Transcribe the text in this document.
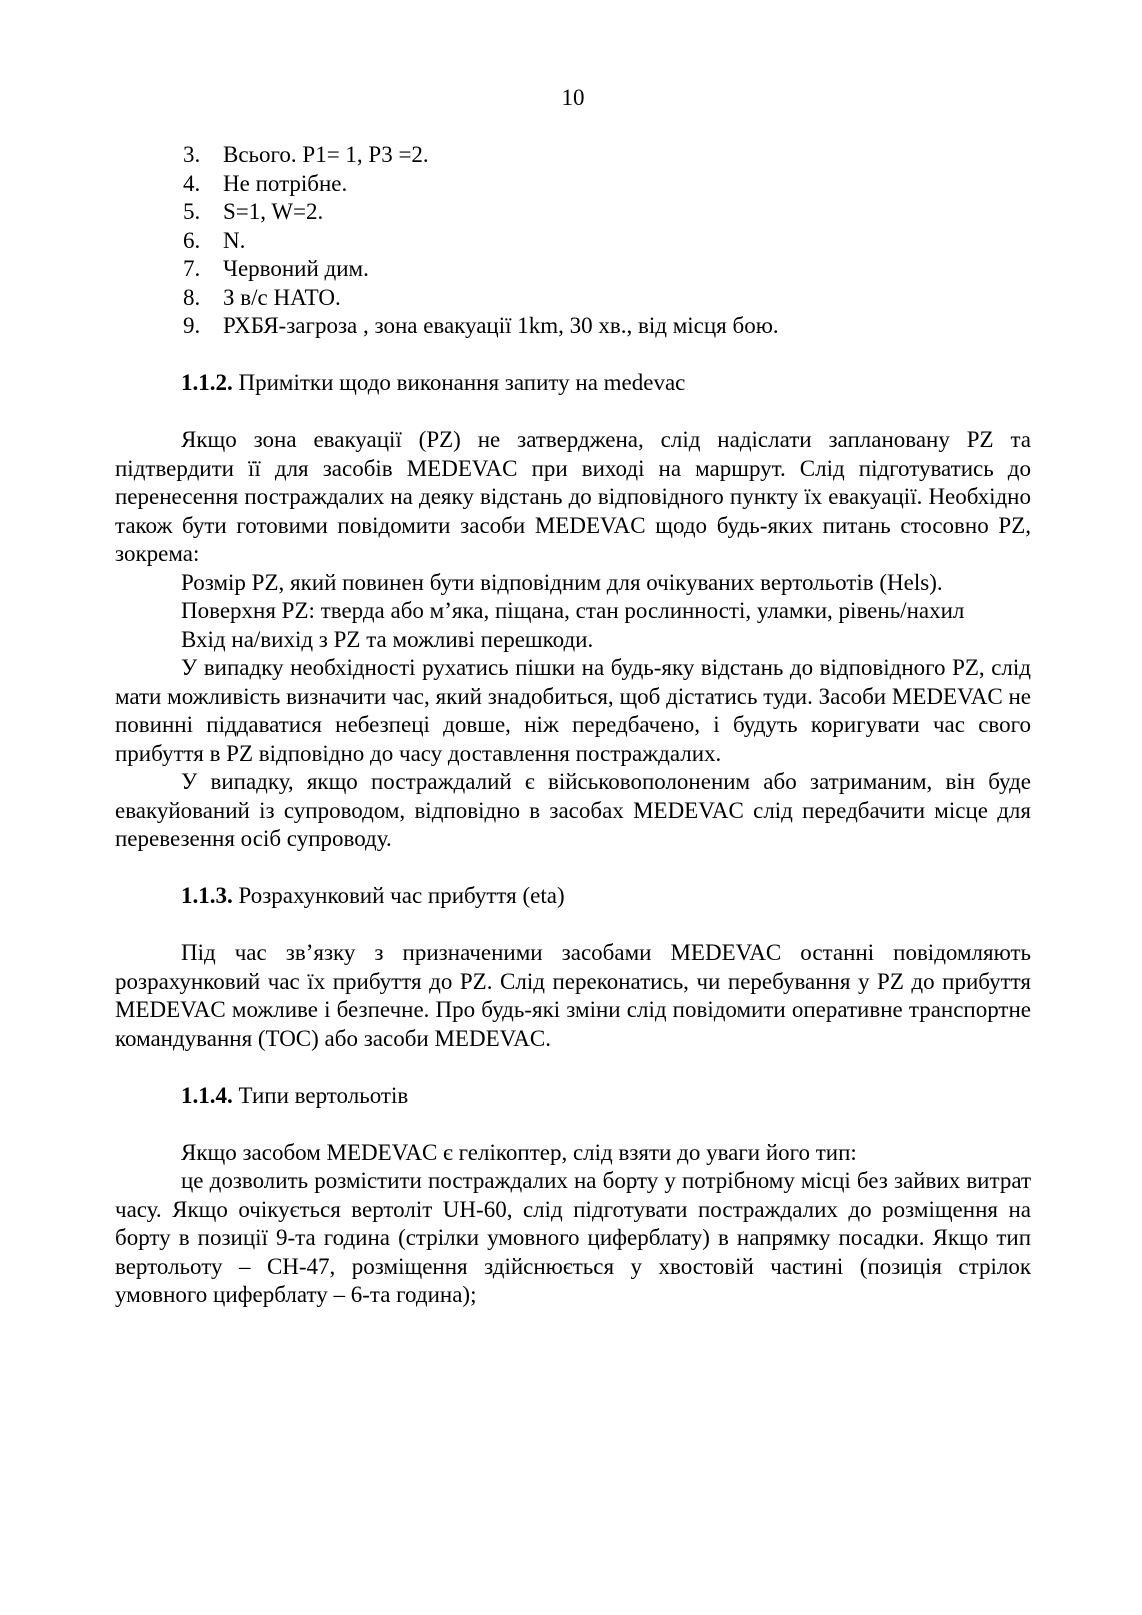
10
3. Всього. P1= 1, P3 =2.
4. Не потрібне.
5. S=1, W=2.
6. N.
7. Червоний дим.
8. З в/с НАТО.
9. РХБЯ-загроза , зона евакуації 1km, 30 хв., від місця бою.

1.1.2. Примітки щодо виконання запиту на medevac

Якщо зона евакуації (PZ) не затверджена, слід надіслати заплановану PZ та підтвердити її для засобів MEDEVAC при виході на маршрут. Слід підготуватись до перенесення постраждалих на деяку відстань до відповідного пункту їх евакуації. Необхідно також бути готовими повідомити засоби MEDEVAC щодо будь-яких питань стосовно PZ, зокрема:

Розмір PZ, який повинен бути відповідним для очікуваних вертольотів (Hels).

Поверхня PZ: тверда або м’яка, піщана, стан рослинності, уламки, рівень/нахил

Вхід на/вихід з PZ та можливі перешкоди.

У випадку необхідності рухатись пішки на будь-яку відстань до відповідного PZ, слід мати можливість визначити час, який знадобиться, щоб дістатись туди. Засоби MEDEVAC не повинні піддаватися небезпеці довше, ніж передбачено, і будуть коригувати час свого прибуття в PZ відповідно до часу доставлення постраждалих.

У випадку, якщо постраждалий є військовополоненим або затриманим, він буде евакуйований із супроводом, відповідно в засобах MEDEVAC слід передбачити місце для перевезення осіб супроводу.

1.1.3. Розрахунковий час прибуття (eta)

Під час зв’язку з призначеними засобами MEDEVAC останні повідомляють розрахунковий час їх прибуття до PZ. Слід переконатись, чи перебування у PZ до прибуття MEDEVAC можливе і безпечне. Про будь-які зміни слід повідомити оперативне транспортне командування (TOC) або засоби MEDEVAC.

1.1.4. Типи вертольотів

Якщо засобом MEDEVAC є гелікоптер, слід взяти до уваги його тип:

це дозволить розмістити постраждалих на борту у потрібному місці без зайвих витрат часу. Якщо очікується вертоліт UH-60, слід підготувати постраждалих до розміщення на борту в позиції 9-та година (стрілки умовного циферблату) в напрямку посадки. Якщо тип вертольоту – CH-47, розміщення здійснюється у хвостовій частині (позиція стрілок умовного циферблату – 6-та година);
